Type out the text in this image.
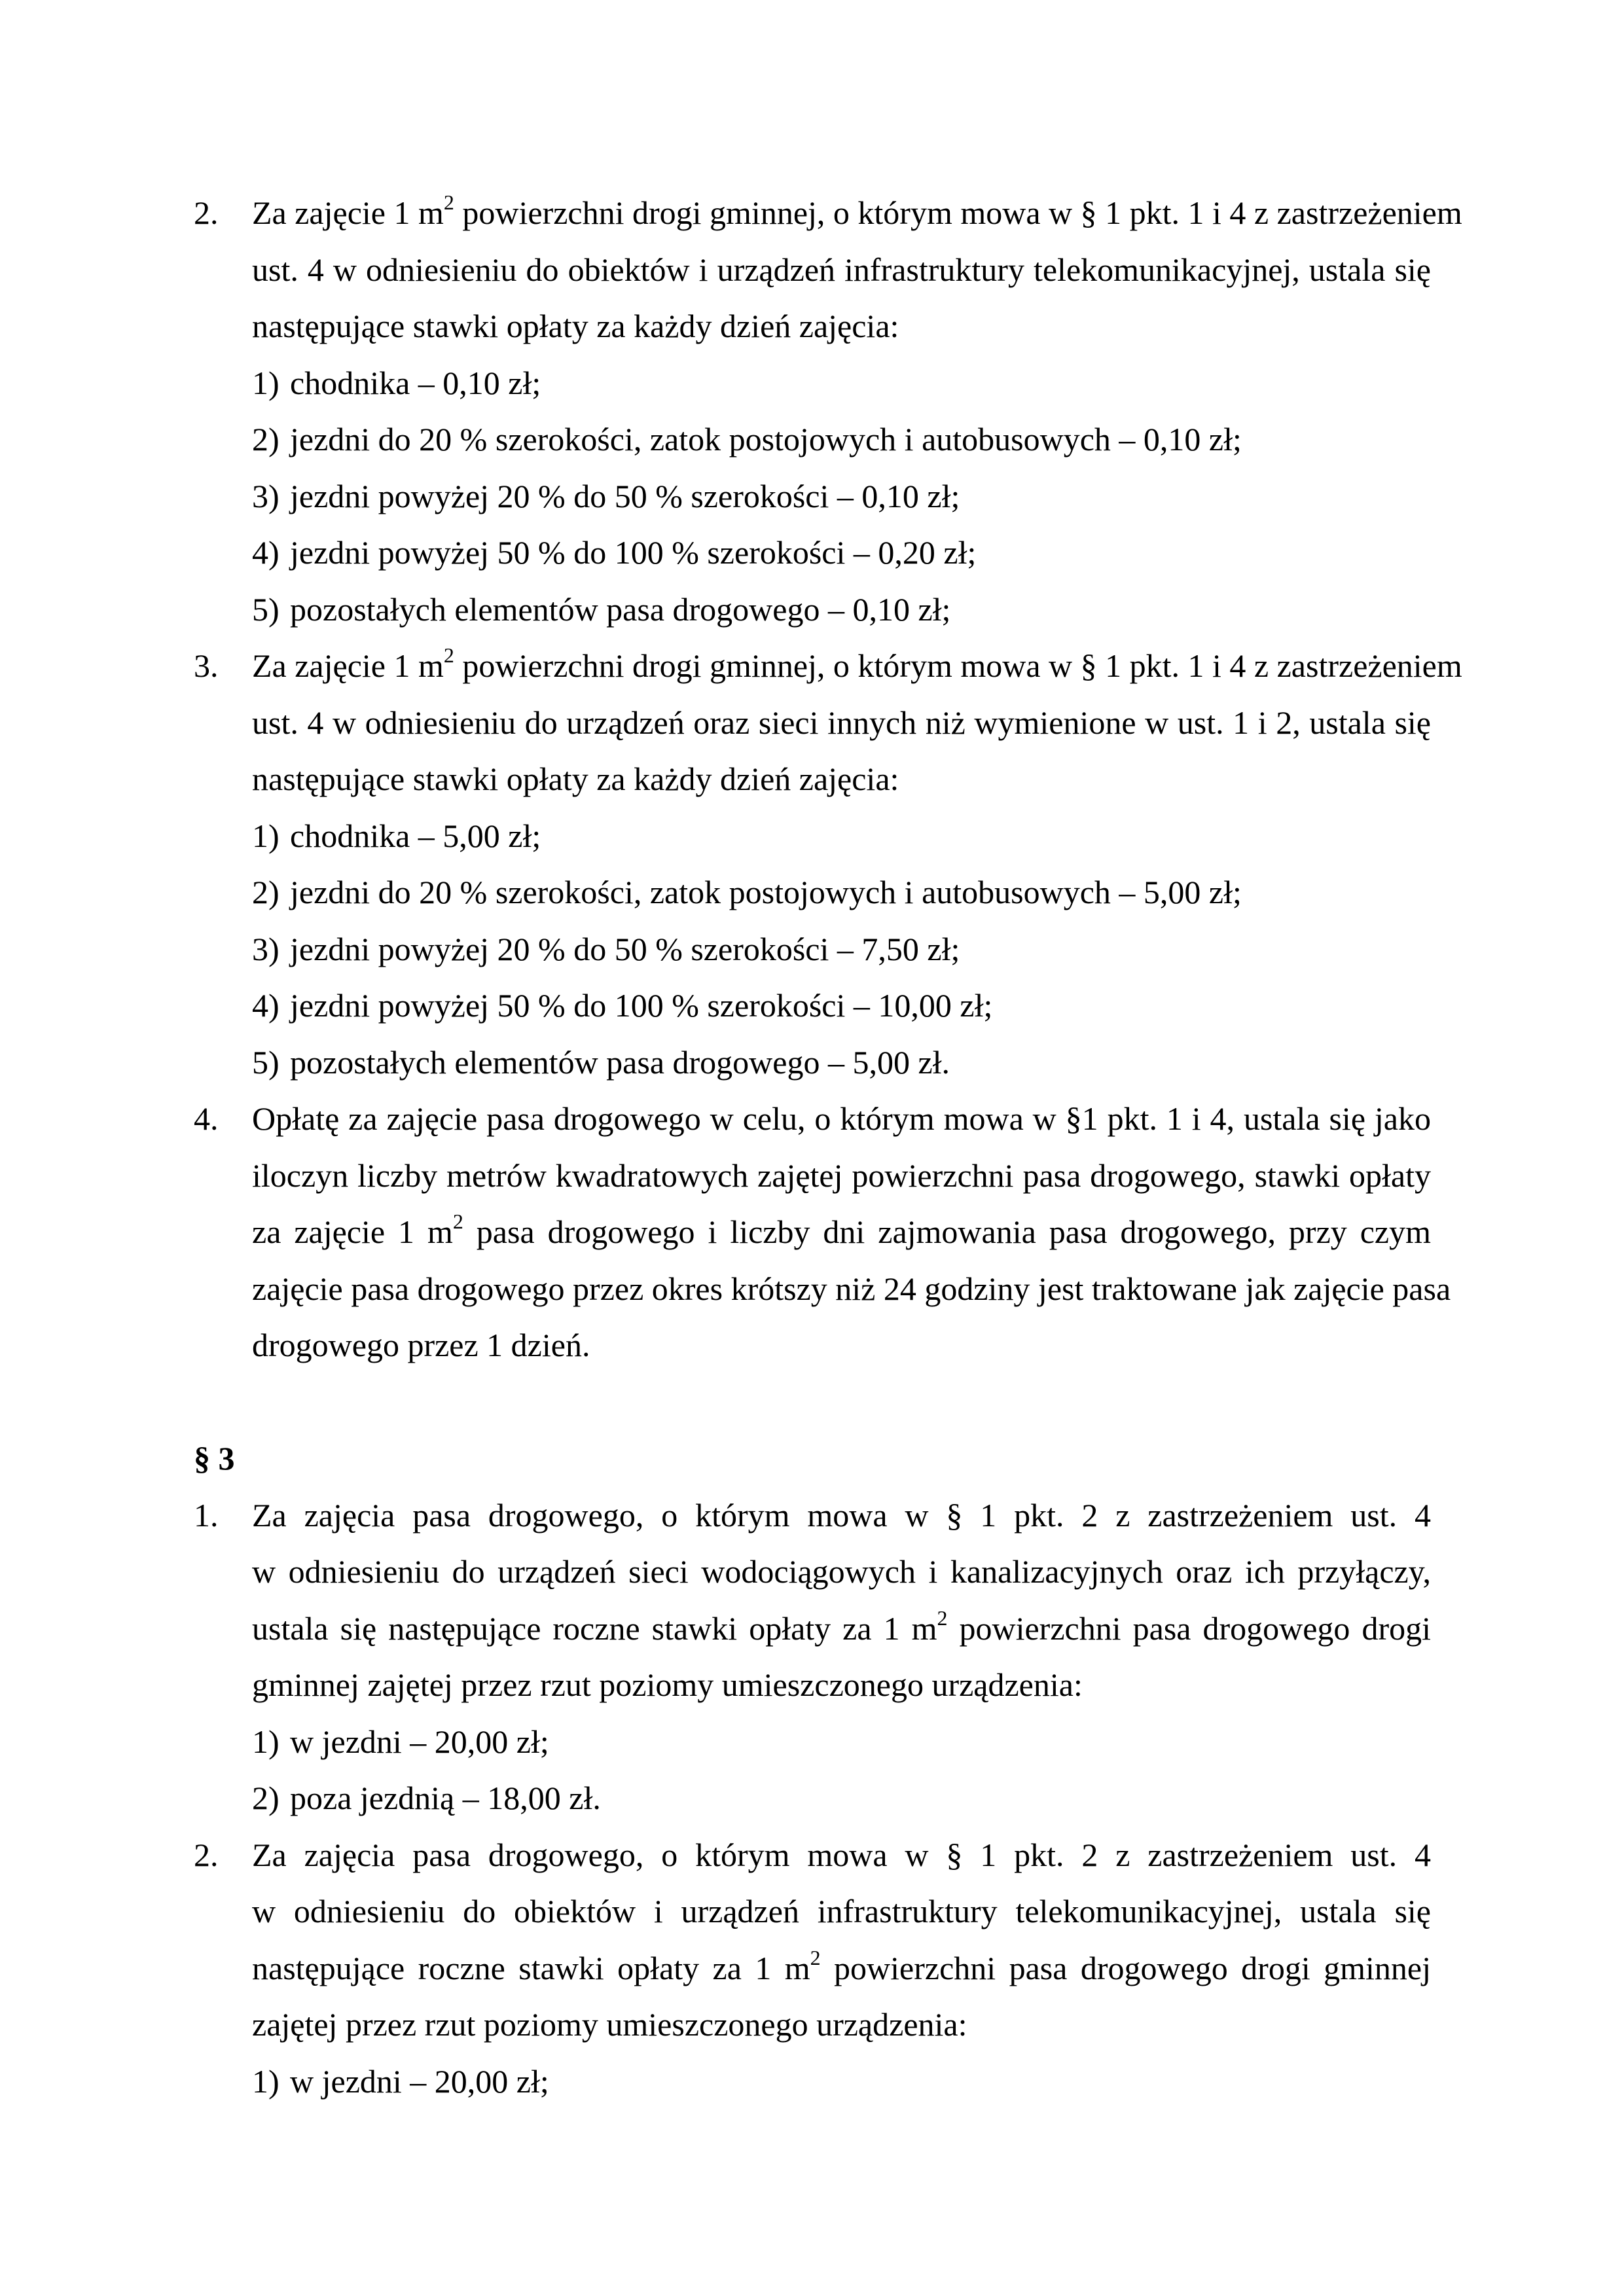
2. Za zajęcie 1 $m^2$ powierzchni drogi gminnej, o którym mowa w § 1 pkt. 1 i 4 z zastrzeżeniem
ust. 4 w odniesieniu do obiektów i urządzeń infrastruktury telekomunikacyjnej, ustala się
następujące stawki opłaty za każdy dzień zajęcia:
1) chodnika – 0,10 zł;
2) jezdni do 20 % szerokości, zatok postojowych i autobusowych – 0,10 zł;
3) jezdni powyżej 20 % do 50 % szerokości – 0,10 zł;
4) jezdni powyżej 50 % do 100 % szerokości – 0,20 zł;
5) pozostałych elementów pasa drogowego – 0,10 zł;
3. Za zajęcie 1 $m^2$ powierzchni drogi gminnej, o którym mowa w § 1 pkt. 1 i 4 z zastrzeżeniem
ust. 4 w odniesieniu do urządzeń oraz sieci innych niż wymienione w ust. 1 i 2, ustala się
następujące stawki opłaty za każdy dzień zajęcia:
1) chodnika – 5,00 zł;
2) jezdni do 20 % szerokości, zatok postojowych i autobusowych – 5,00 zł;
3) jezdni powyżej 20 % do 50 % szerokości – 7,50 zł;
4) jezdni powyżej 50 % do 100 % szerokości – 10,00 zł;
5) pozostałych elementów pasa drogowego – 5,00 zł.
4. Opłatę za zajęcie pasa drogowego w celu, o którym mowa w §1 pkt. 1 i 4, ustala się jako
iloczyn liczby metrów kwadratowych zajętej powierzchni pasa drogowego, stawki opłaty
za zajęcie 1 $m^2$ pasa drogowego i liczby dni zajmowania pasa drogowego, przy czym
zajęcie pasa drogowego przez okres krótszy niż 24 godziny jest traktowane jak zajęcie pasa
drogowego przez 1 dzień.
§ 3
1. Za zajęcia pasa drogowego, o którym mowa w § 1 pkt. 2 z zastrzeżeniem ust. 4
w odniesieniu do urządzeń sieci wodociągowych i kanalizacyjnych oraz ich przyłączy,
ustala się następujące roczne stawki opłaty za 1 $m^2$ powierzchni pasa drogowego drogi
gminnej zajętej przez rzut poziomy umieszczonego urządzenia:
1) w jezdni – 20,00 zł;
2) poza jezdnią – 18,00 zł.
2. Za zajęcia pasa drogowego, o którym mowa w § 1 pkt. 2 z zastrzeżeniem ust. 4
w odniesieniu do obiektów i urządzeń infrastruktury telekomunikacyjnej, ustala się
następujące roczne stawki opłaty za 1 $m^2$ powierzchni pasa drogowego drogi gminnej
zajętej przez rzut poziomy umieszczonego urządzenia:
1) w jezdni – 20,00 zł;
